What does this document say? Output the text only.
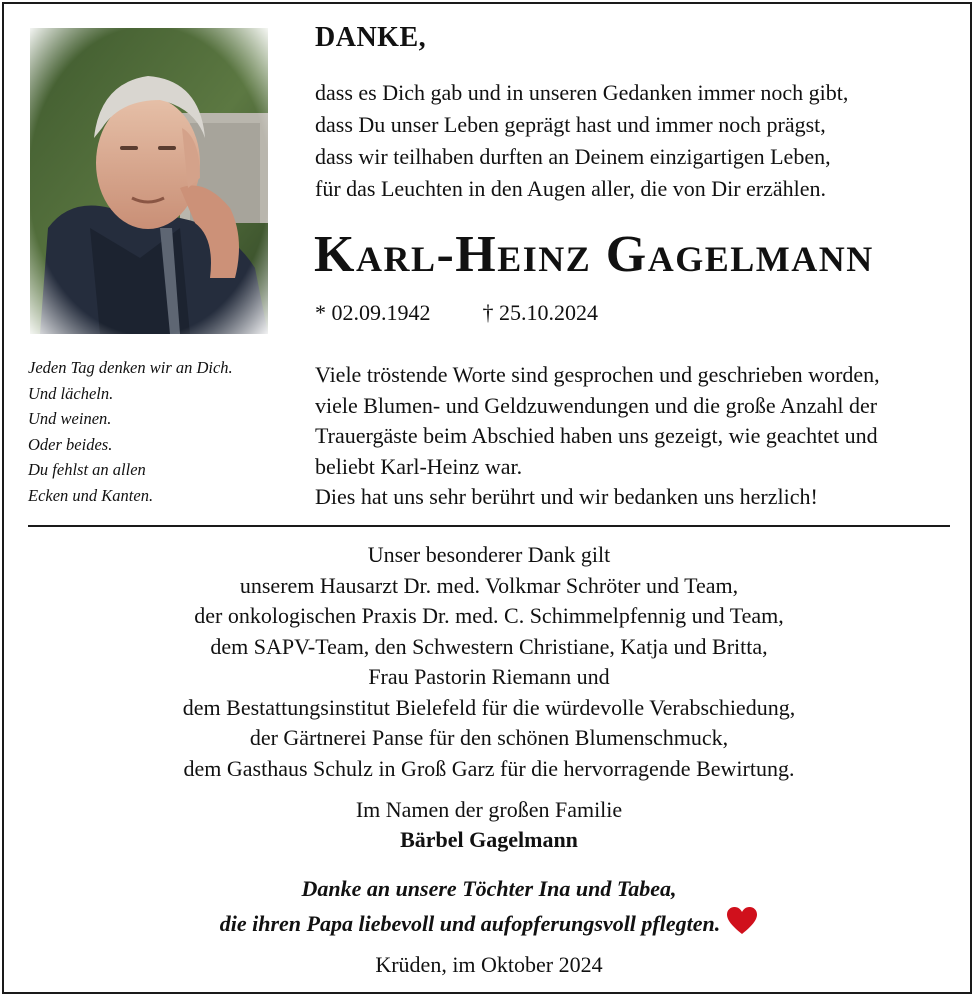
Jeden Tag denken wir an Dich.
Und lächeln.
Und weinen.
Oder beides.
Du fehlst an allen
Ecken und Kanten.
DANKE,
dass es Dich gab und in unseren Gedanken immer noch gibt,
dass Du unser Leben geprägt hast und immer noch prägst,
dass wir teilhaben durften an Deinem einzigartigen Leben,
für das Leuchten in den Augen aller, die von Dir erzählen.
Karl-Heinz Gagelmann
* 02.09.1942 † 25.10.2024
Viele tröstende Worte sind gesprochen und geschrieben worden,
viele Blumen- und Geldzuwendungen und die große Anzahl der
Trauergäste beim Abschied haben uns gezeigt, wie geachtet und
beliebt Karl-Heinz war.
Dies hat uns sehr berührt und wir bedanken uns herzlich!
Unser besonderer Dank gilt
unserem Hausarzt Dr. med. Volkmar Schröter und Team,
der onkologischen Praxis Dr. med. C. Schimmelpfennig und Team,
dem SAPV-Team, den Schwestern Christiane, Katja und Britta,
Frau Pastorin Riemann und
dem Bestattungsinstitut Bielefeld für die würdevolle Verabschiedung,
der Gärtnerei Panse für den schönen Blumenschmuck,
dem Gasthaus Schulz in Groß Garz für die hervorragende Bewirtung.
Im Namen der großen Familie
Bärbel Gagelmann
Danke an unsere Töchter Ina und Tabea,
die ihren Papa liebevoll und aufopferungsvoll pflegten.
Krüden, im Oktober 2024
